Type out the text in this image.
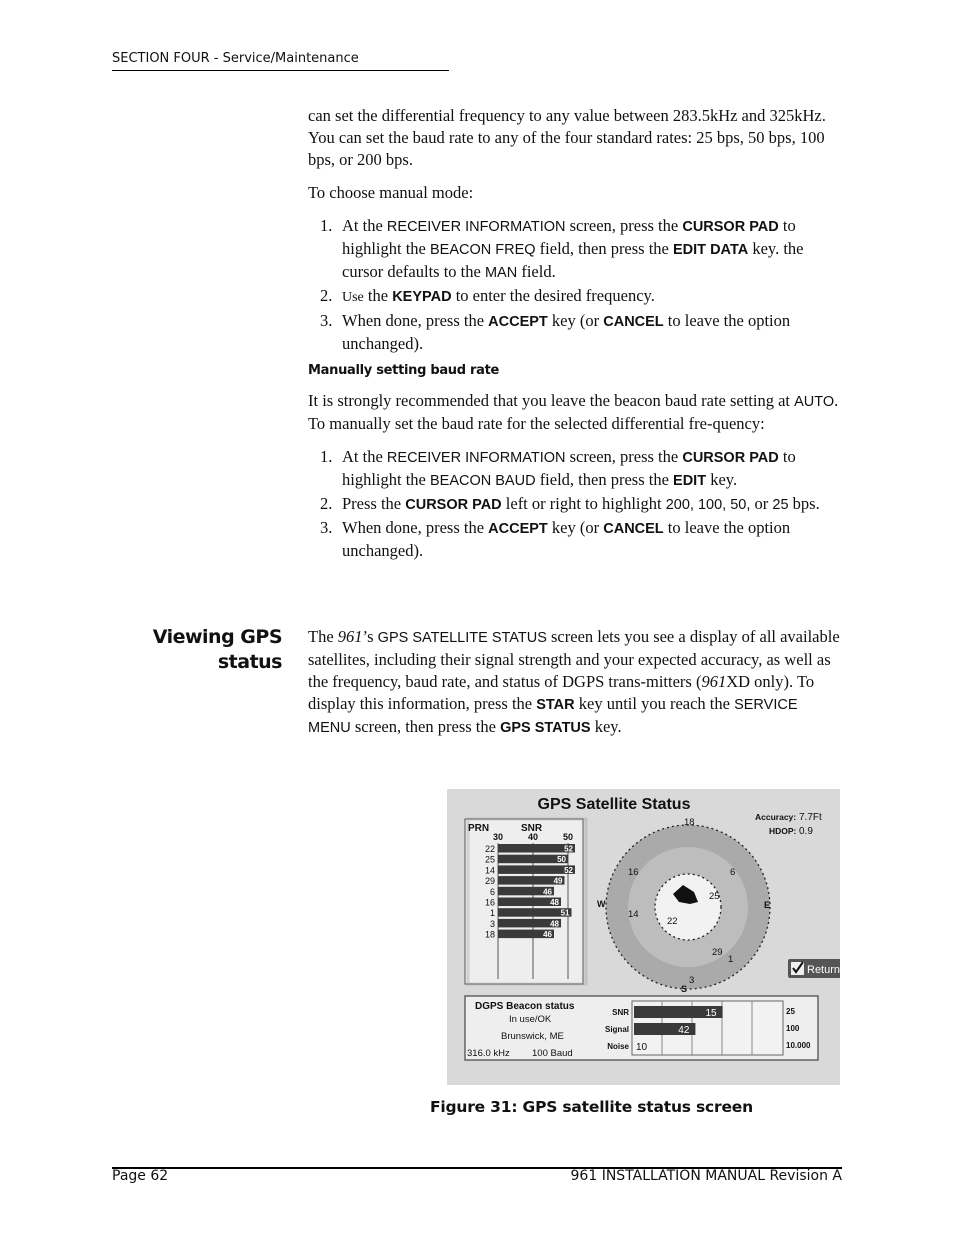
SECTION FOUR - Service/Maintenance

can set the differential frequency to any value between 283.5kHz and 325kHz. You can set the baud rate to any of the four standard rates: 25 bps, 50 bps, 100 bps, or 200 bps.

To choose manual mode:

1. At the RECEIVER INFORMATION screen, press the CURSOR PAD to highlight the BEACON FREQ field, then press the EDIT DATA key. the cursor defaults to the MAN field.
2. Use the KEYPAD to enter the desired frequency.
3. When done, press the ACCEPT key (or CANCEL to leave the option unchanged).
Manually setting baud rate

It is strongly recommended that you leave the beacon baud rate setting at AUTO. To manually set the baud rate for the selected differential fre-quency:

1. At the RECEIVER INFORMATION screen, press the CURSOR PAD to highlight the BEACON BAUD field, then press the EDIT key.
2. Press the CURSOR PAD left or right to highlight 200, 100, 50, or 25 bps.
3. When done, press the ACCEPT key (or CANCEL to leave the option unchanged).
Viewing GPS
status

The 961’s GPS SATELLITE STATUS screen lets you see a display of all available satellites, including their signal strength and your expected accuracy, as well as the frequency, baud rate, and status of DGPS trans-mitters (961XD only). To display this information, press the STAR key until you reach the SERVICE MENU screen, then press the GPS STATUS key.

GPS Satellite Status
Accuracy: 7.7Ft
HDOP: 0.9
PRN	SNR
30	40	50
22	52
25	50
14	52
29	49
6	46
16	48
1	51
3	48
18	46
W	E
S
18
16	6
25
14
22
29
1
3
Return
DGPS Beacon status
In use/OK
Brunswick, ME
316.0 kHz 100 Baud
SNR	15	25
Signal	42	100
Noise 10	10.000
Figure 31: GPS satellite status screen
Page 62	961 INSTALLATION MANUAL Revision A
